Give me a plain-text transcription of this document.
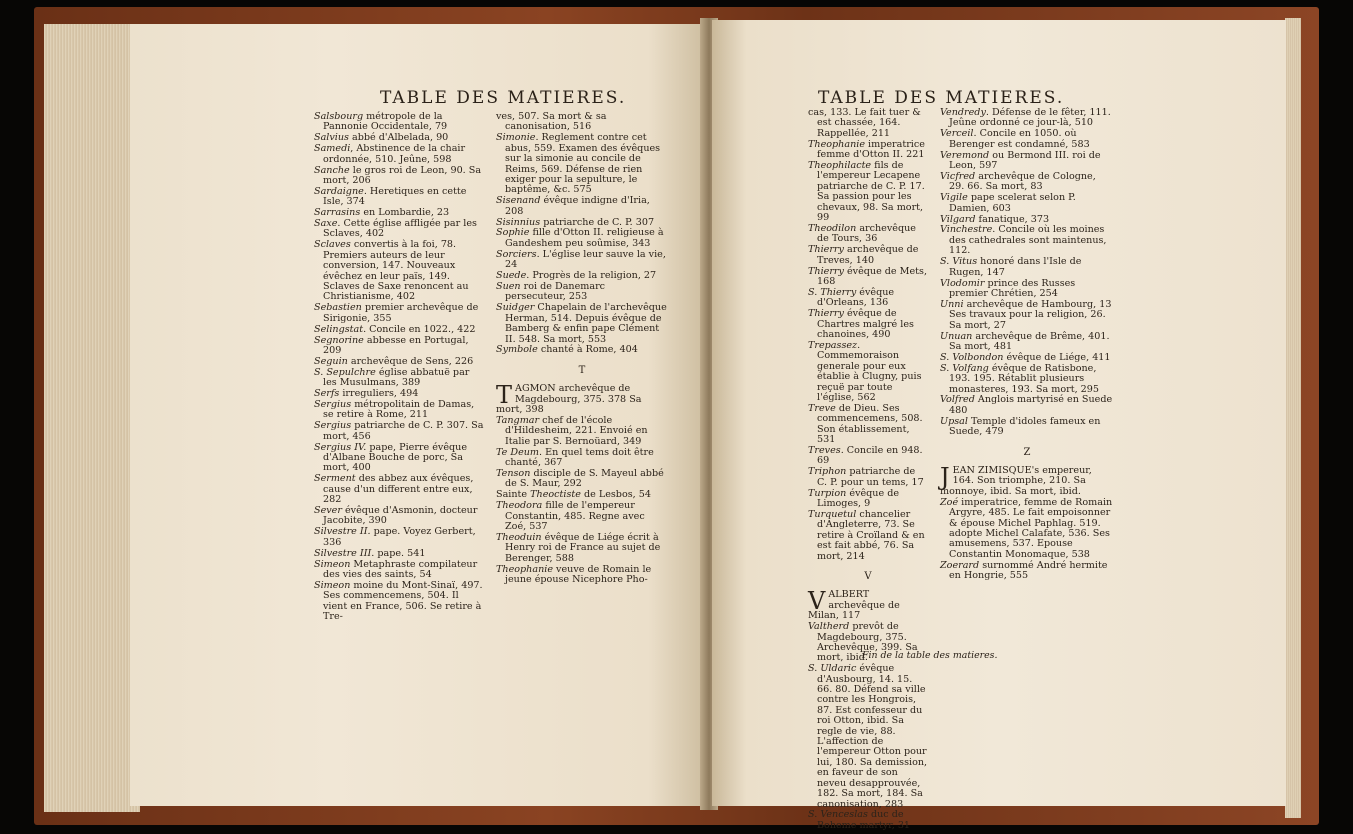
TABLE DES MATIERES.
Salsbourg métropole de la Pannonie Occidentale, 79
Salvius abbé d'Albelada, 90
Samedi, Abstinence de la chair ordonnée, 510. Jeûne, 598
Sanche le gros roi de Leon, 90. Sa mort, 206
Sardaigne. Heretiques en cette Isle, 374
Sarrasins en Lombardie, 23
Saxe. Cette église affligée par les Sclaves, 402
Sclaves convertis à la foi, 78. Premiers auteurs de leur conversion, 147. Nouveaux évêchez en leur païs, 149. Sclaves de Saxe renoncent au Christianisme, 402
Sebastien premier archevêque de Sirigonie, 355
Selingstat. Concile en 1022., 422
Segnorine abbesse en Portugal, 209
Seguin archevêque de Sens, 226
S. Sepulchre église abbatuë par les Musulmans, 389
Serfs irreguliers, 494
Sergius métropolitain de Damas, se retire à Rome, 211
Sergius patriarche de C. P. 307. Sa mort, 456
Sergius IV. pape, Pierre évêque d'Albane Bouche de porc, Sa mort, 400
Serment des abbez aux évêques, cause d'un different entre eux, 282
Sever évêque d'Asmonin, docteur Jacobite, 390
Silvestre II. pape. Voyez Gerbert, 336
Silvestre III. pape. 541
Simeon Metaphraste compilateur des vies des saints, 54
Simeon moine du Mont-Sinaï, 497. Ses commencemens, 504. Il vient en France, 506. Se retire à Tre-
ves, 507. Sa mort & sa canonisation, 516
Simonie. Reglement contre cet abus, 559. Examen des évêques sur la simonie au concile de Reims, 569. Défense de rien exiger pour la sepulture, le baptême, &c. 575
Sisenand évêque indigne d'Iria, 208
Sisinnius patriarche de C. P. 307
Sophie fille d'Otton II. religieuse à Gandeshem peu soûmise, 343
Sorciers. L'église leur sauve la vie, 24
Suede. Progrès de la religion, 27
Suen roi de Danemarc persecuteur, 253
Suidger Chapelain de l'archevêque Herman, 514. Depuis évêque de Bamberg & enfin pape Clément II. 548. Sa mort, 553
Symbole chanté à Rome, 404
T
TAGMON archevêque de Magdebourg, 375. 378 Sa mort, 398
Tangmar chef de l'école d'Hildesheim, 221. Envoié en Italie par S. Bernoüard, 349
Te Deum. En quel tems doit être chanté, 367
Tenson disciple de S. Mayeul abbé de S. Maur, 292
Sainte Theoctiste de Lesbos, 54
Theodora fille de l'empereur Constantin, 485. Regne avec Zoé, 537
Theoduin évêque de Liége écrit à Henry roi de France au sujet de Berenger, 588
Theophanie veuve de Romain le jeune épouse Nicephore Pho-
TABLE DES MATIERES.
cas, 133. Le fait tuer & est chassée, 164. Rappellée, 211
Theophanie imperatrice femme d'Otton II. 221
Theophilacte fils de l'empereur Lecapene patriarche de C. P. 17. Sa passion pour les chevaux, 98. Sa mort, 99
Theodilon archevêque de Tours, 36
Thierry archevêque de Treves, 140
Thierry évêque de Mets, 168
S. Thierry évêque d'Orleans, 136
Thierry évêque de Chartres malgré les chanoines, 490
Trepassez. Commemoraison generale pour eux établie à Clugny, puis reçuë par toute l'église, 562
Treve de Dieu. Ses commencemens, 508. Son établissement, 531
Treves. Concile en 948. 69
Triphon patriarche de C. P. pour un tems, 17
Turpion évêque de Limoges, 9
Turquetul chancelier d'Angleterre, 73. Se retire à Croïland & en est fait abbé, 76. Sa mort, 214
V
VALBERT archevêque de Milan, 117
Valtherd prevôt de Magdebourg, 375. Archevêque, 399. Sa mort, ibid.
S. Uldaric évêque d'Ausbourg, 14. 15. 66. 80. Défend sa ville contre les Hongrois, 87. Est confesseur du roi Otton, ibid. Sa regle de vie, 88. L'affection de l'empereur Otton pour lui, 180. Sa demission, en faveur de son neveu desapprouvée, 182. Sa mort, 184. Sa canonisation, 283
S. Venceslas duc de Boheme martyr, 31
Vendredy. Défense de le fêter, 111. Jeûne ordonné ce jour-là, 510
Verceil. Concile en 1050. où Berenger est condamné, 583
Veremond ou Bermond III. roi de Leon, 597
Vicfred archevêque de Cologne, 29. 66. Sa mort, 83
Vigile pape scelerat selon P. Damien, 603
Vilgard fanatique, 373
Vinchestre. Concile où les moines des cathedrales sont maintenus, 112.
S. Vitus honoré dans l'Isle de Rugen, 147
Vlodomir prince des Russes premier Chrétien, 254
Unni archevêque de Hambourg, 13 Ses travaux pour la religion, 26. Sa mort, 27
Unuan archevêque de Brême, 401. Sa mort, 481
S. Volbondon évêque de Liége, 411
S. Volfang évêque de Ratisbone, 193. 195. Rétablit plusieurs monasteres, 193. Sa mort, 295
Volfred Anglois martyrisé en Suede 480
Upsal Temple d'idoles fameux en Suede, 479
Z
JEAN ZIMISQUE's empereur, 164. Son triomphe, 210. Sa monnoye, ibid. Sa mort, ibid.
Zoé imperatrice, femme de Romain Argyre, 485. Le fait empoisonner & épouse Michel Paphlag. 519. adopte Michel Calafate, 536. Ses amusemens, 537. Epouse Constantin Monomaque, 538
Zoerard surnommé André hermite en Hongrie, 555
Fin de la table des matieres.
